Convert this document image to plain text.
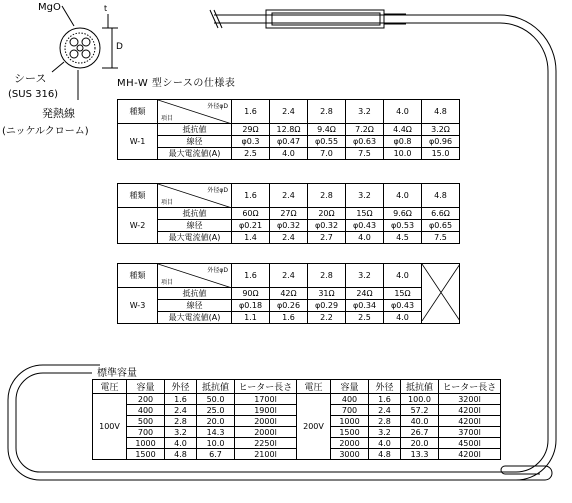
MgO	t
D
シース
(SUS 316)
発熱線
(ニッケルクローム)
MH-W 型シースの仕様表
種類	外径φD
項目	1.6	2.4	2.8	3.2	4.0	4.8
W-1	抵抗値	29Ω	12.8Ω	9.4Ω	7.2Ω	4.4Ω	3.2Ω
	線径	φ0.3	φ0.47	φ0.55	φ0.63	φ0.8	φ0.96
	最大電流値(A)	2.5	4.0	7.0	7.5	10.0	15.0
種類	外径φD
項目	1.6	2.4	2.8	3.2	4.0	4.8
W-2	抵抗値	60Ω	27Ω	20Ω	15Ω	9.6Ω	6.6Ω
	線径	φ0.21	φ0.32	φ0.32	φ0.43	φ0.53	φ0.65
	最大電流値(A)	1.4	2.4	2.7	4.0	4.5	7.5
種類	外径φD
項目	1.6	2.4	2.8	3.2	4.0	

W-3	抵抗値	90Ω	42Ω	31Ω	24Ω	15Ω	
	線径	φ0.18	φ0.26	φ0.29	φ0.34	φ0.43	
	最大電流値(A)	1.1	1.6	2.2	2.5	4.0	
標準容量
電圧	容量	外径	抵抗値	ヒーター長さ	電圧	容量	外径	抵抗値	ヒーター長さ
100V	200	1.6	50.0	1700l	200V	400	1.6	100.0	3200l
	400	2.4	25.0	1900l		700	2.4	57.2	4200l
	500	2.8	20.0	2000l		1000	2.8	40.0	4200l
	700	3.2	14.3	2000l		1500	3.2	26.7	3700l
	1000	4.0	10.0	2250l		2000	4.0	20.0	4500l
	1500	4.8	6.7	2100l		3000	4.8	13.3	4200l
